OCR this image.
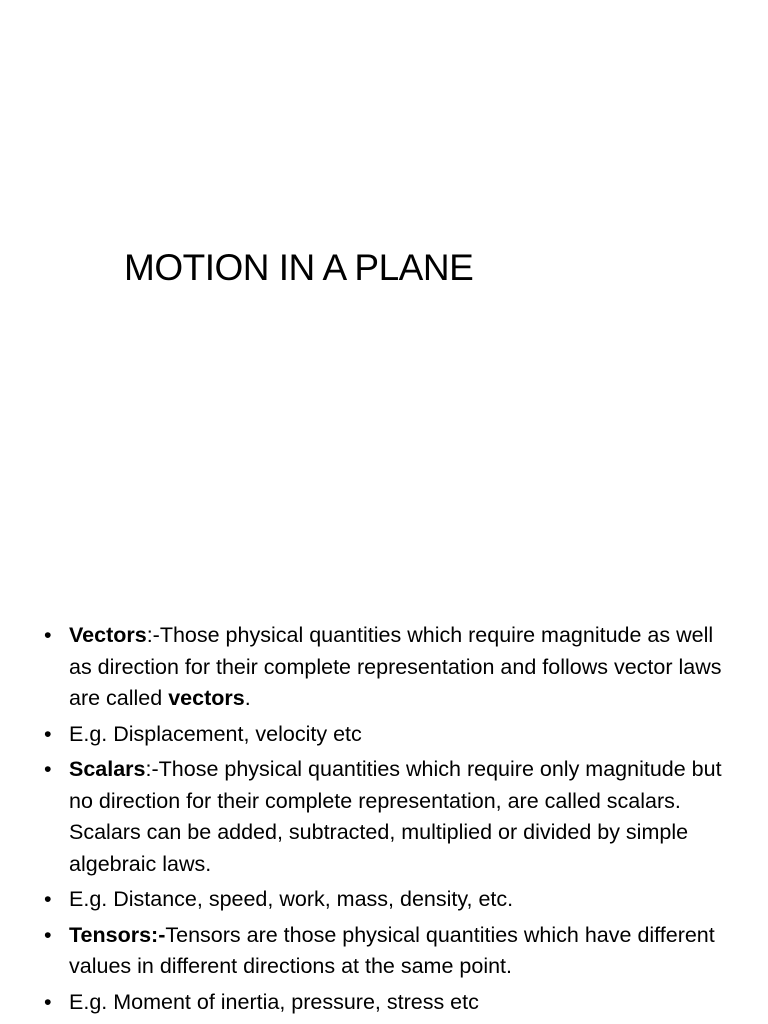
MOTION IN A PLANE
• Vectors:-Those physical quantities which require magnitude as well as direction for their complete representation and follows vector laws are called vectors.
• E.g. Displacement, velocity etc
• Scalars:-Those physical quantities which require only magnitude but no direction for their complete representation, are called scalars. Scalars can be added, subtracted, multiplied or divided by simple algebraic laws.
• E.g. Distance, speed, work, mass, density, etc.
• Tensors:-Tensors are those physical quantities which have different values in different directions at the same point.
• E.g. Moment of inertia, pressure, stress etc
